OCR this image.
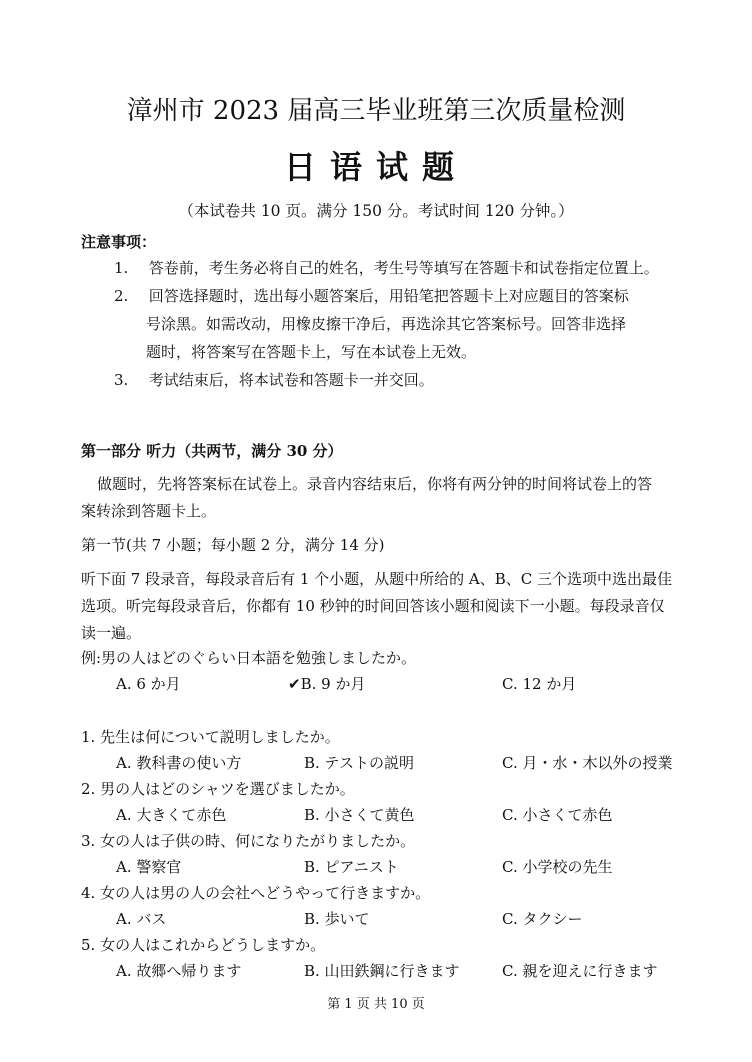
漳州市 2023 届高三毕业班第三次质量检测
日语试题
（本试卷共 10 页。满分 150 分。考试时间 120 分钟。）
注意事项：
1. 答卷前，考生务必将自己的姓名，考生号等填写在答题卡和试卷指定位置上。
2. 回答选择题时，选出每小题答案后，用铅笔把答题卡上对应题目的答案标
号涂黑。如需改动，用橡皮擦干净后，再选涂其它答案标号。回答非选择
题时，将答案写在答题卡上，写在本试卷上无效。
3. 考试结束后，将本试卷和答题卡一并交回。
第一部分 听力（共两节，满分 30 分）
做题时，先将答案标在试卷上。录音内容结束后，你将有两分钟的时间将试卷上的答
案转涂到答题卡上。
第一节(共 7 小题；每小题 2 分，满分 14 分)
听下面 7 段录音，每段录音后有 1 个小题，从题中所给的 A、B、C 三个选项中选出最佳
选项。听完每段录音后，你都有 10 秒钟的时间回答该小题和阅读下一小题。每段录音仅
读一遍。
例:男の人はどのぐらい日本語を勉強しましたか。
A. 6 か月	✔B. 9 か月	C. 12 か月
1. 先生は何について説明しましたか。
A. 教科書の使い方	B. テストの説明	C. 月・水・木以外の授業
2. 男の人はどのシャツを選びましたか。
A. 大きくて赤色	B. 小さくて黄色	C. 小さくて赤色
3. 女の人は子供の時、何になりたがりましたか。
A. 警察官	B. ピアニスト	C. 小学校の先生
4. 女の人は男の人の会社へどうやって行きますか。
A. バス	B. 歩いて	C. タクシー
5. 女の人はこれからどうしますか。
A. 故郷へ帰ります	B. 山田鉄鋼に行きます	C. 親を迎えに行きます
第 1 页 共 10 页
